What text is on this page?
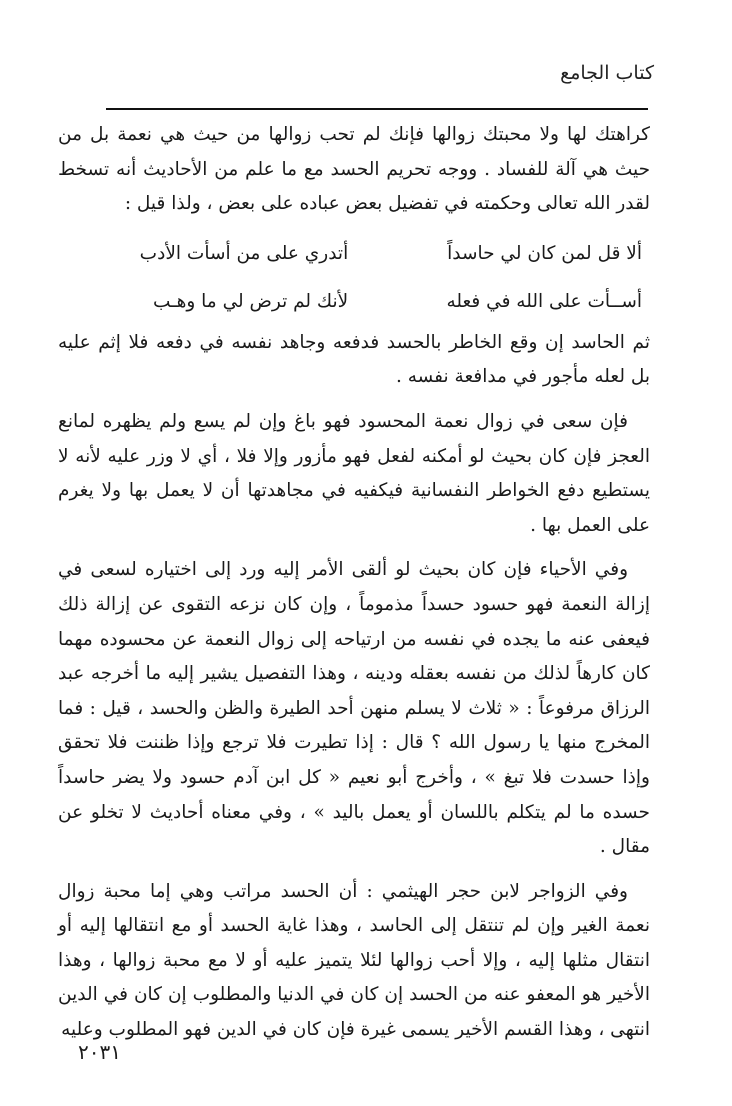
كتاب الجامع

كراهتك لها ولا محبتك زوالها فإنك لم تحب زوالها من حيث هي نعمة بل من حيث هي آلة للفساد . ووجه تحريم الحسد مع ما علم من الأحاديث أنه تسخط لقدر الله تعالى وحكمته في تفضيل بعض عباده على بعض ، ولذا قيل :

ألا قل لمن كان لي حاسداً
أتدري على من أسأت الأدب
أســأت على الله في فعله
لأنك لم ترض لي ما وهـب

ثم الحاسد إن وقع الخاطر بالحسد فدفعه وجاهد نفسه في دفعه فلا إثم عليه بل لعله مأجور في مدافعة نفسه .

فإن سعى في زوال نعمة المحسود فهو باغ وإن لم يسع ولم يظهره لمانع العجز فإن كان بحيث لو أمكنه لفعل فهو مأزور وإلا فلا ، أي لا وزر عليه لأنه لا يستطيع دفع الخواطر النفسانية فيكفيه في مجاهدتها أن لا يعمل بها ولا يغرم على العمل بها .

وفي الأحياء فإن كان بحيث لو ألقى الأمر إليه ورد إلى اختياره لسعى في إزالة النعمة فهو حسود حسداً مذموماً ، وإن كان نزعه التقوى عن إزالة ذلك فيعفى عنه ما يجده في نفسه من ارتياحه إلى زوال النعمة عن محسوده مهما كان كارهاً لذلك من نفسه بعقله ودينه ، وهذا التفصيل يشير إليه ما أخرجه عبد الرزاق مرفوعاً : « ثلاث لا يسلم منهن أحد الطيرة والظن والحسد ، قيل : فما المخرج منها يا رسول الله ؟ قال : إذا تطيرت فلا ترجع وإذا ظننت فلا تحقق وإذا حسدت فلا تبغ » ، وأخرج أبو نعيم « كل ابن آدم حسود ولا يضر حاسداً حسده ما لم يتكلم باللسان أو يعمل باليد » ، وفي معناه أحاديث لا تخلو عن مقال .

وفي الزواجر لابن حجر الهيثمي : أن الحسد مراتب وهي إما محبة زوال نعمة الغير وإن لم تنتقل إلى الحاسد ، وهذا غاية الحسد أو مع انتقالها إليه أو انتقال مثلها إليه ، وإلا أحب زوالها لئلا يتميز عليه أو لا مع محبة زوالها ، وهذا الأخير هو المعفو عنه من الحسد إن كان في الدنيا والمطلوب إن كان في الدين انتهى ، وهذا القسم الأخير يسمى غيرة فإن كان في الدين فهو المطلوب وعليه

٢٠٣١
